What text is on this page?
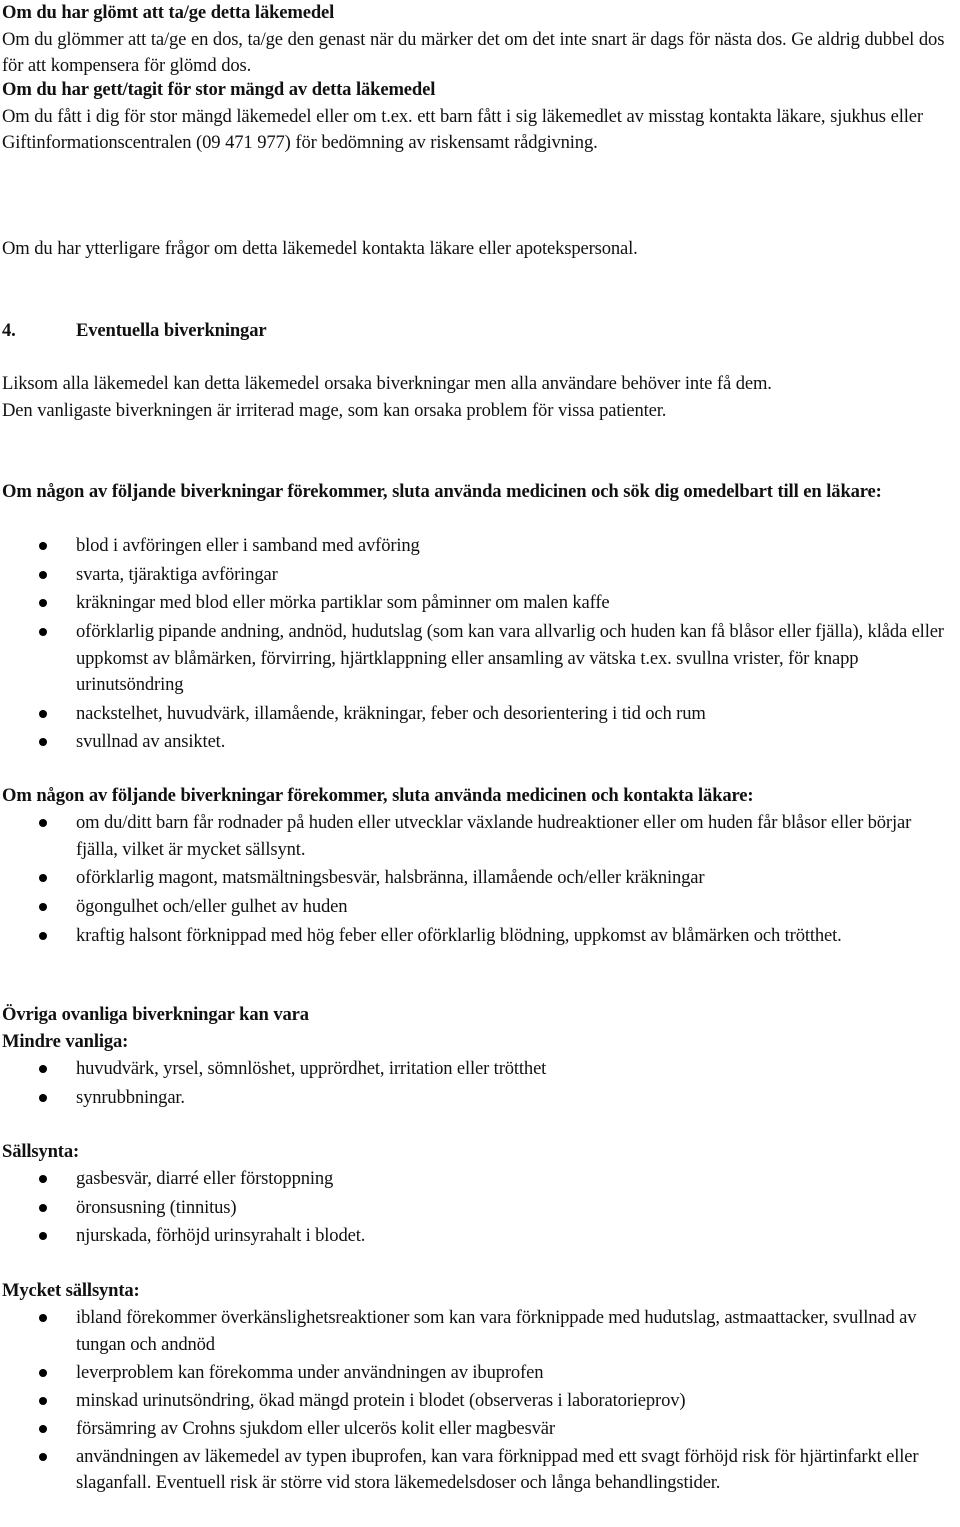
Om du har glömt att ta/ge detta läkemedel
Om du glömmer att ta/ge en dos, ta/ge den genast när du märker det om det inte snart är dags för nästa dos. Ge aldrig dubbel dos för att kompensera för glömd dos.
Om du har gett/tagit för stor mängd av detta läkemedel
Om du fått i dig för stor mängd läkemedel eller om t.ex. ett barn fått i sig läkemedlet av misstag kontakta läkare, sjukhus eller Giftinformationscentralen (09 471 977) för bedömning av riskensamt rådgivning.
Om du har ytterligare frågor om detta läkemedel kontakta läkare eller apotekspersonal.
4.	Eventuella biverkningar
Liksom alla läkemedel kan detta läkemedel orsaka biverkningar men alla användare behöver inte få dem.
Den vanligaste biverkningen är irriterad mage, som kan orsaka problem för vissa patienter.
Om någon av följande biverkningar förekommer, sluta använda medicinen och sök dig omedelbart till en läkare:
blod i avföringen eller i samband med avföring
svarta, tjäraktiga avföringar
kräkningar med blod eller mörka partiklar som påminner om malen kaffe
oförklarlig pipande andning, andnöd, hudutslag (som kan vara allvarlig och huden kan få blåsor eller fjälla), klåda eller uppkomst av blåmärken, förvirring, hjärtklappning eller ansamling av vätska t.ex. svullna vrister, för knapp urinutsöndring
nackstelhet, huvudvärk, illamående, kräkningar, feber och desorientering i tid och rum
svullnad av ansiktet.
Om någon av följande biverkningar förekommer, sluta använda medicinen och kontakta läkare:
om du/ditt barn får rodnader på huden eller utvecklar växlande hudreaktioner eller om huden får blåsor eller börjar fjälla, vilket är mycket sällsynt.
oförklarlig magont, matsmältningsbesvär, halsbränna, illamående och/eller kräkningar
ögongulhet och/eller gulhet av huden
kraftig halsont förknippad med hög feber eller oförklarlig blödning, uppkomst av blåmärken och trötthet.
Övriga ovanliga biverkningar kan vara
Mindre vanliga:
huvudvärk, yrsel, sömnlöshet, upprördhet, irritation eller trötthet
synrubbningar.
Sällsynta:
gasbesvär, diarré eller förstoppning
öronsusning (tinnitus)
njurskada, förhöjd urinsyrahalt i blodet.
Mycket sällsynta:
ibland förekommer överkänslighetsreaktioner som kan vara förknippade med hudutslag, astmaattacker, svullnad av tungan och andnöd
leverproblem kan förekomma under användningen av ibuprofen
minskad urinutsöndring, ökad mängd protein i blodet (observeras i laboratorieprov)
försämring av Crohns sjukdom eller ulcerös kolit eller magbesvär
användningen av läkemedel av typen ibuprofen, kan vara förknippad med ett svagt förhöjd risk för hjärtinfarkt eller slaganfall. Eventuell risk är större vid stora läkemedelsdoser och långa behandlingstider.
